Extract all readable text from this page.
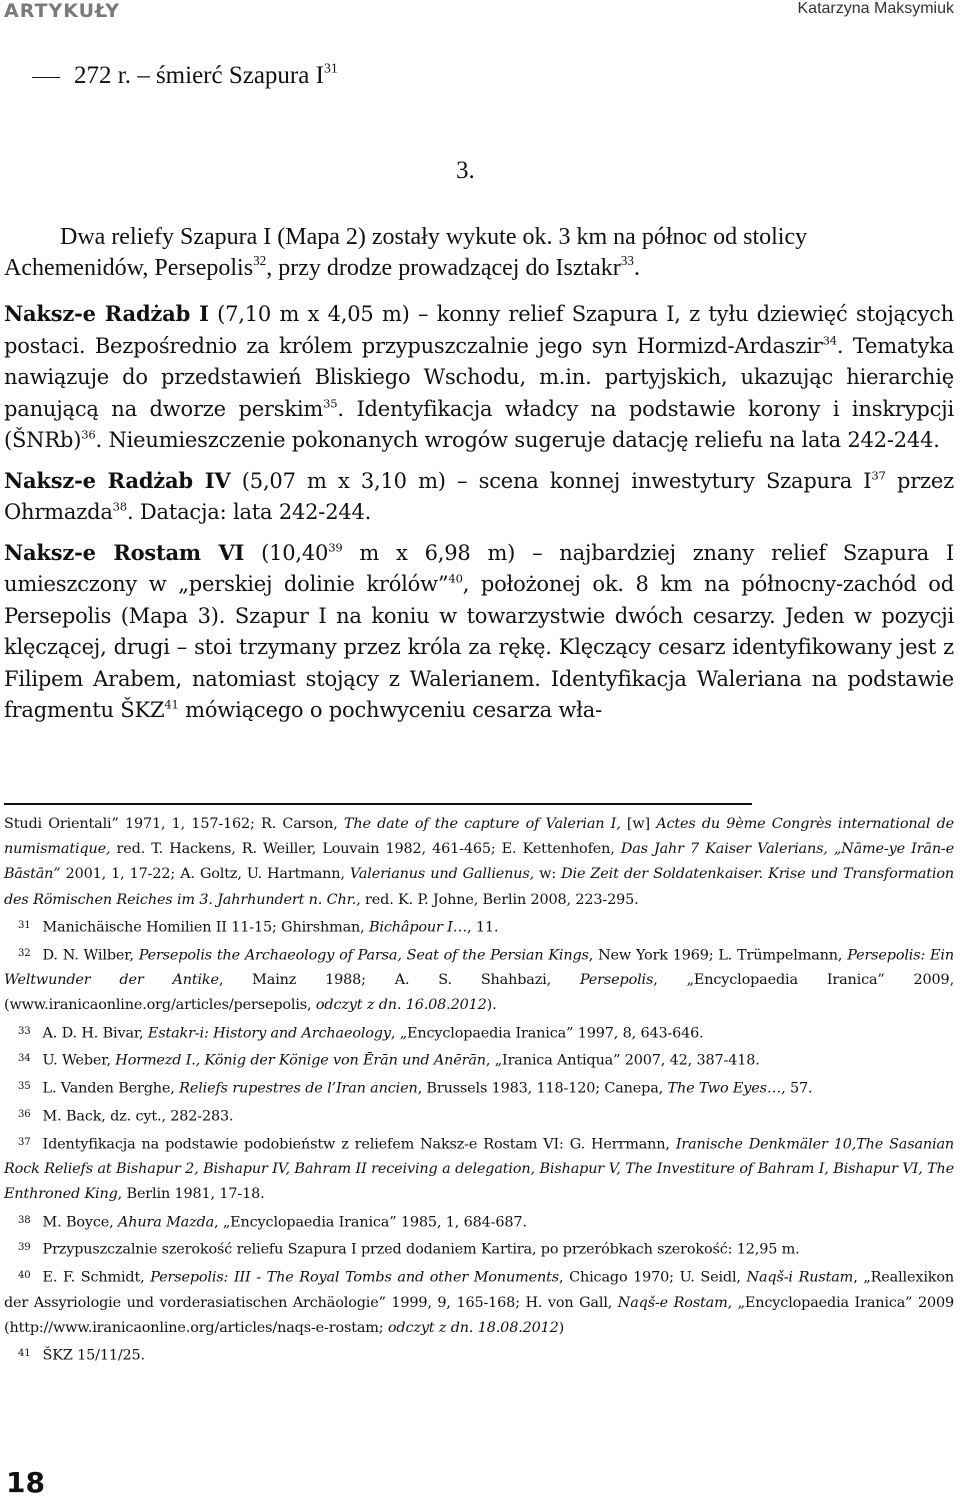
ARTYKUŁY	Katarzyna Maksymiuk
272 r. – śmierć Szapura $I^{31}$
3.

Dwa reliefy Szapura I (Mapa 2) zostały wykute ok. 3 km na północ od stolicy Achemenidów, Persepolis$^{32}$, przy drodze prowadzącej do Isztakr$^{33}$.

Naksz-e Radżab I (7,10 m x 4,05 m) – konny relief Szapura I, z tyłu dziewięć stojących postaci. Bezpośrednio za królem przypuszczalnie jego syn Hormizd-Ardaszir$^{34}$. Tematyka nawiązuje do przedstawień Bliskiego Wschodu, m.in. partyjskich, ukazując hierarchię panującą na dworze perskim$^{35}$. Identyfikacja władcy na podstawie korony i inskrypcji (ŠNRb)$^{36}$. Nieumieszczenie pokonanych wrogów sugeruje datację reliefu na lata 242-244.

Naksz-e Radżab IV (5,07 m x 3,10 m) – scena konnej inwestytury Szapura $I^{37}$ przez Ohrmazda$^{38}$. Datacja: lata 242-244.

Naksz-e Rostam VI (10,40$^{39}$ m x 6,98 m) – najbardziej znany relief Szapura I umieszczony w „perskiej dolinie królów”$^{40}$, położonej ok. 8 km na północny-zachód od Persepolis (Mapa 3). Szapur I na koniu w towarzystwie dwóch cesarzy. Jeden w pozycji klęczącej, drugi – stoi trzymany przez króla za rękę. Klęczący cesarz identyfikowany jest z Filipem Arabem, natomiast stojący z Walerianem. Identyfikacja Waleriana na podstawie fragmentu ŠKZ$^{41}$ mówiącego o pochwyceniu cesarza wła-

Studi Orientali” 1971, 1, 157-162; R. Carson, The date of the capture of Valerian I, [w] Actes du 9ème Congrès international de numismatique, red. T. Hackens, R. Weiller, Louvain 1982, 461-465; E. Kettenhofen, Das Jahr 7 Kaiser Valerians, „Nāme-ye Irān-e Bāstān” 2001, 1, 17-22; A. Goltz, U. Hartmann, Valerianus und Gallienus, w: Die Zeit der Soldatenkaiser. Krise und Transformation des Römischen Reiches im 3. Jahrhundert n. Chr., red. K. P. Johne, Berlin 2008, 223-295.

$^{31}$ Manichäische Homilien II 11-15; Ghirshman, Bichâpour I…, 11.

$^{32}$ D. N. Wilber, Persepolis the Archaeology of Parsa, Seat of the Persian Kings, New York 1969; L. Trümpelmann, Persepolis: Ein Weltwunder der Antike, Mainz 1988; A. S. Shahbazi, Persepolis, „Encyclopaedia Iranica” 2009, (www.iranicaonline.org/articles/persepolis, odczyt z dn. 16.08.2012).

$^{33}$ A. D. H. Bivar, Estakr-i: History and Archaeology, „Encyclopaedia Iranica” 1997, 8, 643-646.

$^{34}$ U. Weber, Hormezd I., König der Könige von Ērān und Anērān, „Iranica Antiqua” 2007, 42, 387-418.

$^{35}$ L. Vanden Berghe, Reliefs rupestres de l’Iran ancien, Brussels 1983, 118-120; Canepa, The Two Eyes…, 57.

$^{36}$ M. Back, dz. cyt., 282-283.

$^{37}$ Identyfikacja na podstawie podobieństw z reliefem Naksz-e Rostam VI: G. Herrmann, Iranische Denkmäler 10,The Sasanian Rock Reliefs at Bishapur 2, Bishapur IV, Bahram II receiving a delegation, Bishapur V, The Investiture of Bahram I, Bishapur VI, The Enthroned King, Berlin 1981, 17-18.

$^{38}$ M. Boyce, Ahura Mazda, „Encyclopaedia Iranica” 1985, 1, 684-687.

$^{39}$ Przypuszczalnie szerokość reliefu Szapura I przed dodaniem Kartira, po przeróbkach szerokość: 12,95 m.

$^{40}$ E. F. Schmidt, Persepolis: III - The Royal Tombs and other Monuments, Chicago 1970; U. Seidl, Naqš-i Rustam, „Reallexikon der Assyriologie und vorderasiatischen Archäologie” 1999, 9, 165-168; H. von Gall, Naqš-e Rostam, „Encyclopaedia Iranica” 2009 (http://www.iranicaonline.org/articles/naqs-e-rostam; odczyt z dn. 18.08.2012)

$^{41}$ ŠKZ 15/11/25.

18
